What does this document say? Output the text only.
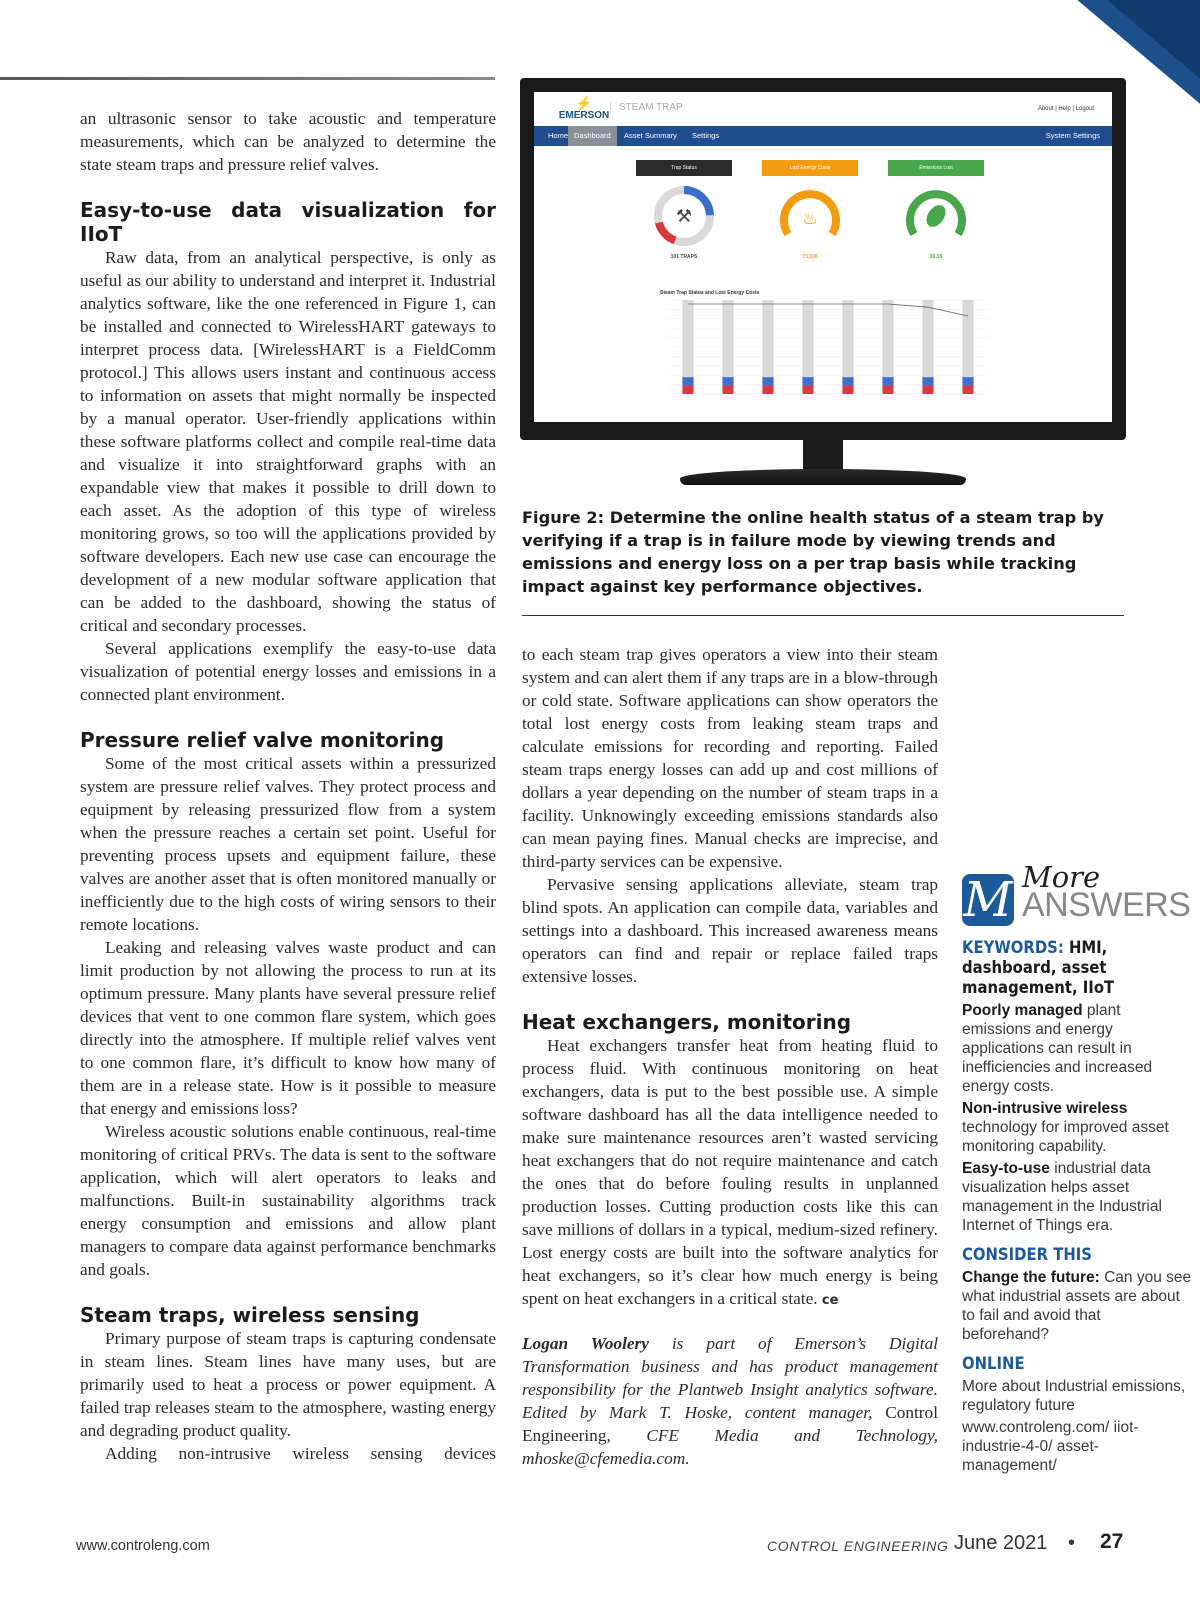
an ultrasonic sensor to take acoustic and temperature measurements, which can be analyzed to determine the state steam traps and pressure relief valves.

Easy-to-use data visualization for IIoT

Raw data, from an analytical perspective, is only as useful as our ability to understand and interpret it. Industrial analytics software, like the one referenced in Figure 1, can be installed and connected to WirelessHART gateways to interpret process data. [WirelessHART is a FieldComm protocol.] This allows users instant and continuous access to information on assets that might normally be inspected by a manual operator. User-friendly applications within these software platforms collect and compile real-time data and visualize it into straightforward graphs with an expandable view that makes it possible to drill down to each asset. As the adoption of this type of wireless monitoring grows, so too will the applications provided by software developers. Each new use case can encourage the development of a new modular software application that can be added to the dashboard, showing the status of critical and secondary processes.

Several applications exemplify the easy-to-use data visualization of potential energy losses and emissions in a connected plant environment.

Pressure relief valve monitoring

Some of the most critical assets within a pressurized system are pressure relief valves. They protect process and equipment by releasing pressurized flow from a system when the pressure reaches a certain set point. Useful for preventing process upsets and equipment failure, these valves are another asset that is often monitored manually or inefficiently due to the high costs of wiring sensors to their remote locations.

Leaking and releasing valves waste product and can limit production by not allowing the process to run at its optimum pressure. Many plants have several pressure relief devices that vent to one common flare system, which goes directly into the atmosphere. If multiple relief valves vent to one common flare, it’s difficult to know how many of them are in a release state. How is it possible to measure that energy and emissions loss?

Wireless acoustic solutions enable continuous, real-time monitoring of critical PRVs. The data is sent to the software application, which will alert operators to leaks and malfunctions. Built-in sustainability algorithms track energy consumption and emissions and allow plant managers to compare data against performance benchmarks and goals.

Steam traps, wireless sensing

Primary purpose of steam traps is capturing condensate in steam lines. Steam lines have many uses, but are primarily used to heat a process or power equipment. A failed trap releases steam to the atmosphere, wasting energy and degrading product quality.

Adding non-intrusive wireless sensing devices

⚡
EMERSON
STEAM TRAP	About | Help | Logout
Home Dashboard	Asset Summary	Settings	System Settings
Trap Status	Lost Energy Costs	Emissions Lost
⚒
101 TRAPS
♨
73,026	30.15
Steam Trap Status and Lost Energy Costs
Figure 2: Determine the online health status of a steam trap by verifying if a trap is in failure mode by viewing trends and emissions and energy loss on a per trap basis while tracking impact against key performance objectives.

to each steam trap gives operators a view into their steam system and can alert them if any traps are in a blow-through or cold state. Software applications can show operators the total lost energy costs from leaking steam traps and calculate emissions for recording and reporting. Failed steam traps energy losses can add up and cost millions of dollars a year depending on the number of steam traps in a facility. Unknowingly exceeding emissions standards also can mean paying fines. Manual checks are imprecise, and third-party services can be expensive.

Pervasive sensing applications alleviate, steam trap blind spots. An application can compile data, variables and settings into a dashboard. This increased awareness means operators can find and repair or replace failed traps extensive losses.

Heat exchangers, monitoring

Heat exchangers transfer heat from heating fluid to process fluid. With continuous monitoring on heat exchangers, data is put to the best possible use. A simple software dashboard has all the data intelligence needed to make sure maintenance resources aren’t wasted servicing heat exchangers that do not require maintenance and catch the ones that do before fouling results in unplanned production losses. Cutting production costs like this can save millions of dollars in a typical, medium-sized refinery. Lost energy costs are built into the software analytics for heat exchangers, so it’s clear how much energy is being spent on heat exchangers in a critical state. ce

Logan Woolery is part of Emerson’s Digital Transformation business and has product management responsibility for the Plantweb Insight analytics software. Edited by Mark T. Hoske, content manager, Control Engineering, CFE Media and Technology, mhoske@cfemedia.com.

M More
ANSWERS
KEYWORDS: HMI, dashboard, asset management, IIoT
Poorly managed plant emissions and energy applications can result in inefficiencies and increased energy costs.
Non-intrusive wireless technology for improved asset monitoring capability.
Easy-to-use industrial data visualization helps asset management in the Industrial Internet of Things era.
CONSIDER THIS
Change the future: Can you see what industrial assets are about to fail and avoid that beforehand?
ONLINE
More about Industrial emissions, regulatory future
www.controleng.com/ iiot-industrie-4-0/ asset-management/
www.controleng.com	CONTROL ENGINEERING June 2021 • 27
